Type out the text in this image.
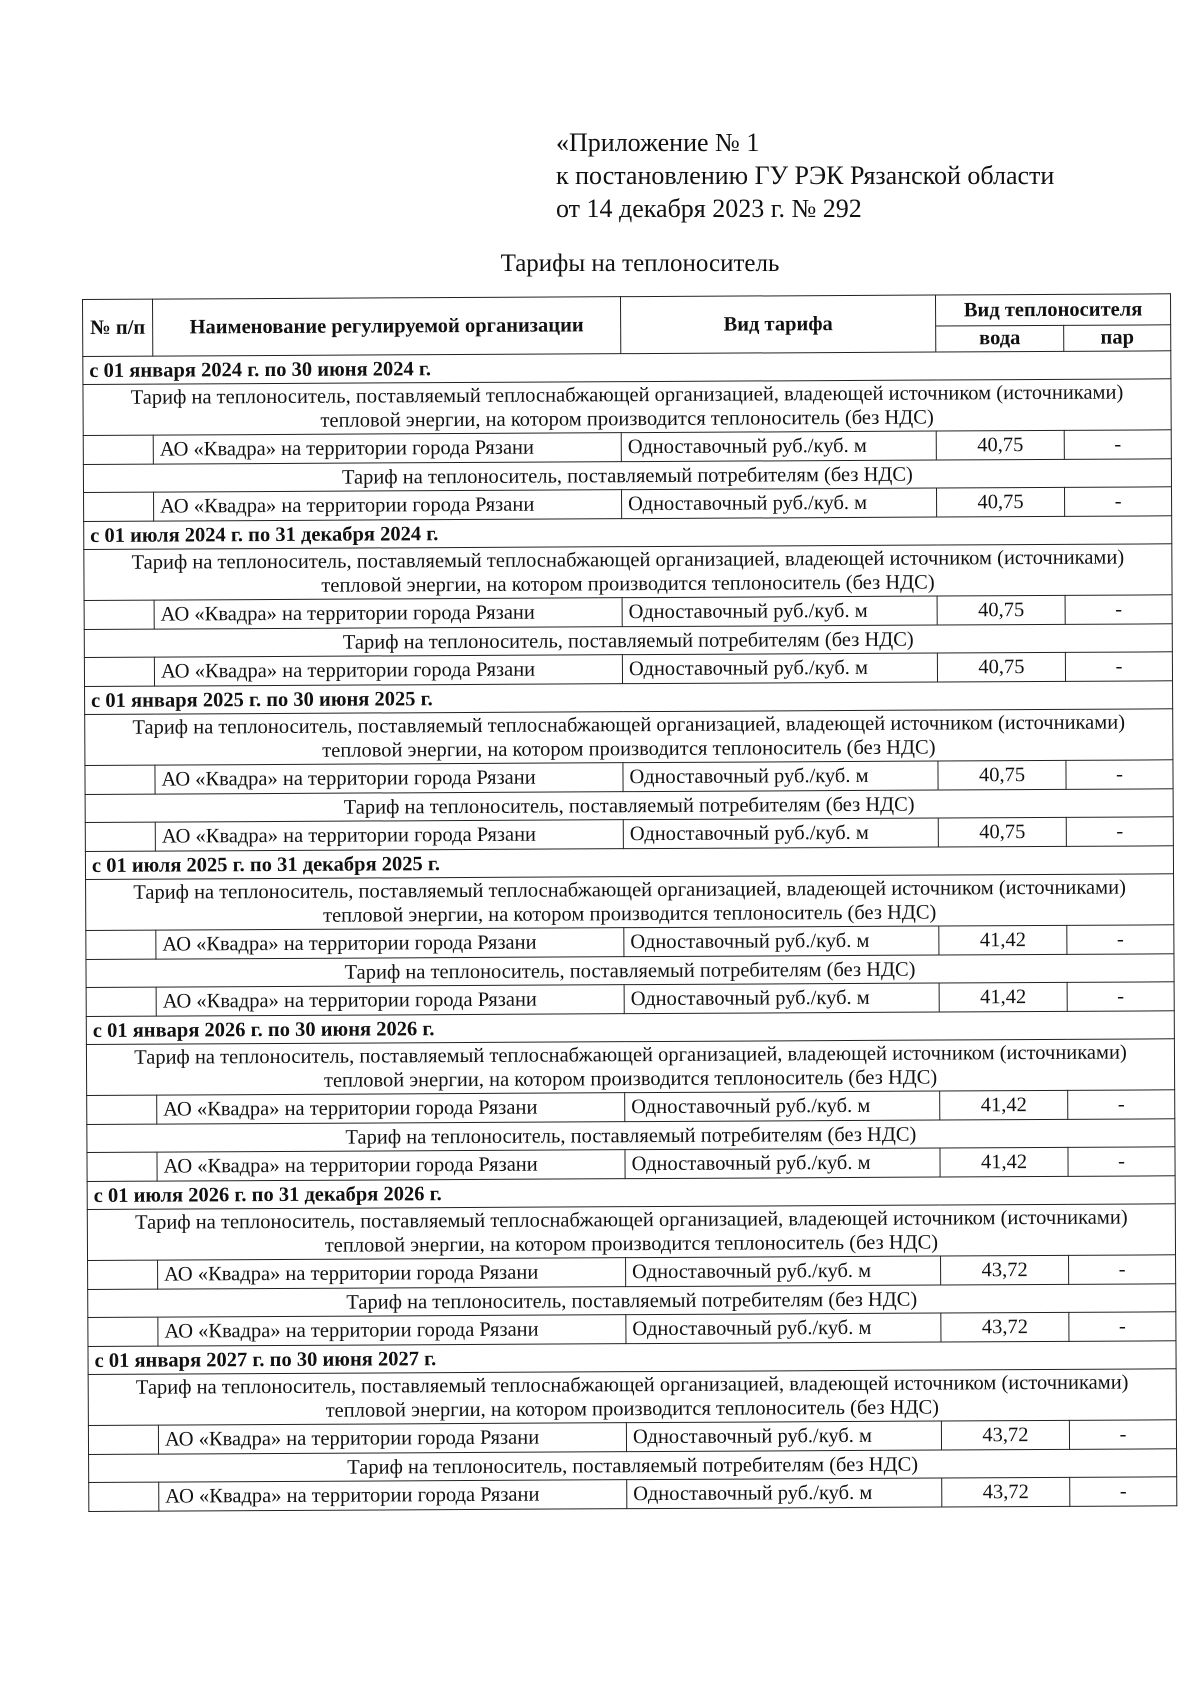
«Приложение № 1
к постановлению ГУ РЭК Рязанской области
от 14 декабря 2023 г. № 292
Тарифы на теплоноситель
№ п/п	Наименование регулируемой организации	Вид тарифа	Вид теплоносителя	
			вода	пар
с 01 января 2024 г. по 30 июня 2024 г.				
Тариф на теплоноситель, поставляемый теплоснабжающей организацией, владеющей источником (источниками) тепловой энергии, на котором производится теплоноситель (без НДС)				
	АО «Квадра» на территории города Рязани	Одноставочный руб./куб. м	40,75	-
Тариф на теплоноситель, поставляемый потребителям (без НДС)				
	АО «Квадра» на территории города Рязани	Одноставочный руб./куб. м	40,75	-
с 01 июля 2024 г. по 31 декабря 2024 г.				
Тариф на теплоноситель, поставляемый теплоснабжающей организацией, владеющей источником (источниками) тепловой энергии, на котором производится теплоноситель (без НДС)				
	АО «Квадра» на территории города Рязани	Одноставочный руб./куб. м	40,75	-
Тариф на теплоноситель, поставляемый потребителям (без НДС)				
	АО «Квадра» на территории города Рязани	Одноставочный руб./куб. м	40,75	-
с 01 января 2025 г. по 30 июня 2025 г.				
Тариф на теплоноситель, поставляемый теплоснабжающей организацией, владеющей источником (источниками) тепловой энергии, на котором производится теплоноситель (без НДС)				
	АО «Квадра» на территории города Рязани	Одноставочный руб./куб. м	40,75	-
Тариф на теплоноситель, поставляемый потребителям (без НДС)				
	АО «Квадра» на территории города Рязани	Одноставочный руб./куб. м	40,75	-
с 01 июля 2025 г. по 31 декабря 2025 г.				
Тариф на теплоноситель, поставляемый теплоснабжающей организацией, владеющей источником (источниками) тепловой энергии, на котором производится теплоноситель (без НДС)				
	АО «Квадра» на территории города Рязани	Одноставочный руб./куб. м	41,42	-
Тариф на теплоноситель, поставляемый потребителям (без НДС)				
	АО «Квадра» на территории города Рязани	Одноставочный руб./куб. м	41,42	-
с 01 января 2026 г. по 30 июня 2026 г.				
Тариф на теплоноситель, поставляемый теплоснабжающей организацией, владеющей источником (источниками) тепловой энергии, на котором производится теплоноситель (без НДС)				
	АО «Квадра» на территории города Рязани	Одноставочный руб./куб. м	41,42	-
Тариф на теплоноситель, поставляемый потребителям (без НДС)				
	АО «Квадра» на территории города Рязани	Одноставочный руб./куб. м	41,42	-
с 01 июля 2026 г. по 31 декабря 2026 г.				
Тариф на теплоноситель, поставляемый теплоснабжающей организацией, владеющей источником (источниками) тепловой энергии, на котором производится теплоноситель (без НДС)				
	АО «Квадра» на территории города Рязани	Одноставочный руб./куб. м	43,72	-
Тариф на теплоноситель, поставляемый потребителям (без НДС)				
	АО «Квадра» на территории города Рязани	Одноставочный руб./куб. м	43,72	-
с 01 января 2027 г. по 30 июня 2027 г.				
Тариф на теплоноситель, поставляемый теплоснабжающей организацией, владеющей источником (источниками) тепловой энергии, на котором производится теплоноситель (без НДС)				
	АО «Квадра» на территории города Рязани	Одноставочный руб./куб. м	43,72	-
Тариф на теплоноситель, поставляемый потребителям (без НДС)				
	АО «Квадра» на территории города Рязани	Одноставочный руб./куб. м	43,72	-
